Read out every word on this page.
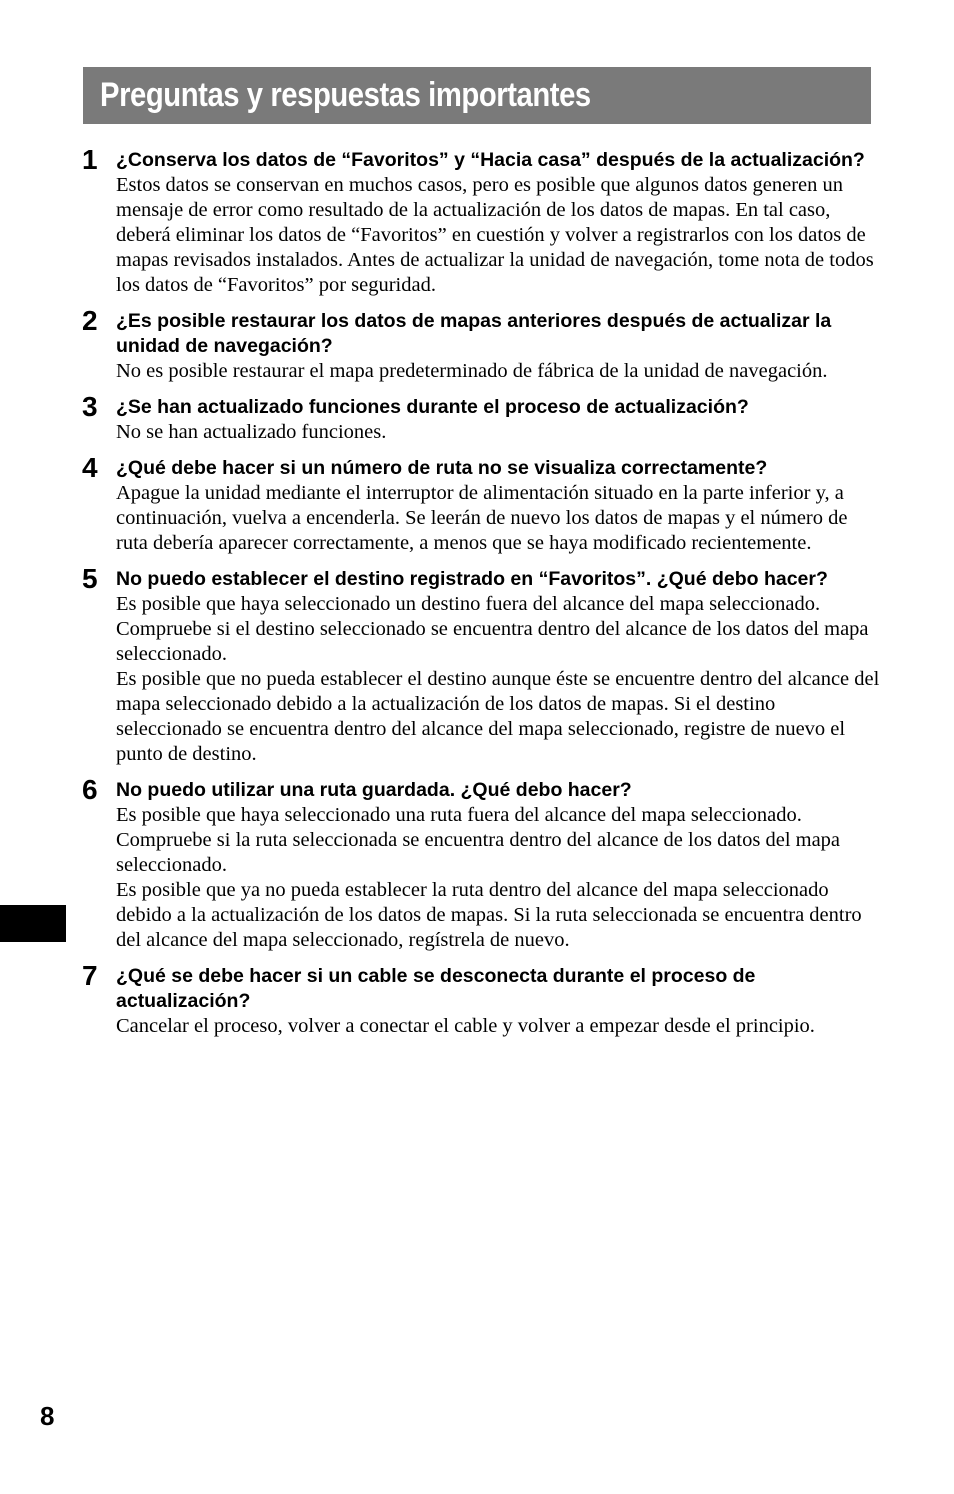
Preguntas y respuestas importantes
1 ¿Conserva los datos de “Favoritos” y “Hacia casa” después de la actualización?

Estos datos se conservan en muchos casos, pero es posible que algunos datos generen un mensaje de error como resultado de la actualización de los datos de mapas. En tal caso, deberá eliminar los datos de “Favoritos” en cuestión y volver a registrarlos con los datos de mapas revisados instalados. Antes de actualizar la unidad de navegación, tome nota de todos los datos de “Favoritos” por seguridad.

2 ¿Es posible restaurar los datos de mapas anteriores después de actualizar la unidad de navegación?

No es posible restaurar el mapa predeterminado de fábrica de la unidad de navegación.

3 ¿Se han actualizado funciones durante el proceso de actualización?

No se han actualizado funciones.

4 ¿Qué debe hacer si un número de ruta no se visualiza correctamente?

Apague la unidad mediante el interruptor de alimentación situado en la parte inferior y, a continuación, vuelva a encenderla. Se leerán de nuevo los datos de mapas y el número de ruta debería aparecer correctamente, a menos que se haya modificado recientemente.

5 No puedo establecer el destino registrado en “Favoritos”. ¿Qué debo hacer?

Es posible que haya seleccionado un destino fuera del alcance del mapa seleccionado. Compruebe si el destino seleccionado se encuentra dentro del alcance de los datos del mapa seleccionado.

Es posible que no pueda establecer el destino aunque éste se encuentre dentro del alcance del mapa seleccionado debido a la actualización de los datos de mapas. Si el destino seleccionado se encuentra dentro del alcance del mapa seleccionado, registre de nuevo el punto de destino.

6 No puedo utilizar una ruta guardada. ¿Qué debo hacer?

Es posible que haya seleccionado una ruta fuera del alcance del mapa seleccionado. Compruebe si la ruta seleccionada se encuentra dentro del alcance de los datos del mapa seleccionado.

Es posible que ya no pueda establecer la ruta dentro del alcance del mapa seleccionado debido a la actualización de los datos de mapas. Si la ruta seleccionada se encuentra dentro del alcance del mapa seleccionado, regístrela de nuevo.

7 ¿Qué se debe hacer si un cable se desconecta durante el proceso de actualización?

Cancelar el proceso, volver a conectar el cable y volver a empezar desde el principio.

8
